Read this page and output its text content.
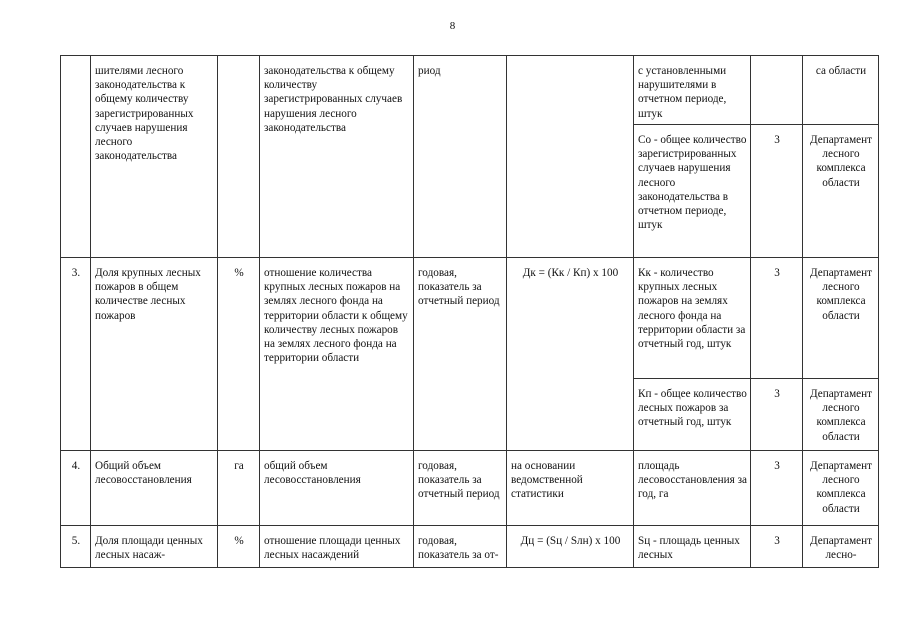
8
	шителями лесного законодательства к общему количеству зарегистрированных случаев нарушения лесного законодательства		законодательства к общему количеству зарегистрированных случаев нарушения лесного законодательства	риод		с установленными нарушителями в отчетном периоде, штук		са области
						Со - общее количество зарегистрированных случаев нарушения лесного законодательства в отчетном периоде, штук	3	Департамент лесного комплекса области
3.	Доля крупных лесных пожаров в общем количестве лесных пожаров	%	отношение количества крупных лесных пожаров на землях лесного фонда на территории области к общему количеству лесных пожаров на землях лесного фонда на территории области	годовая, показатель за отчетный период	Дк = (Кк / Кп) х 100	Кк - количество крупных лесных пожаров на землях лесного фонда на территории области за отчетный год, штук	3	Департамент лесного комплекса области
						Кп - общее количество лесных пожаров за отчетный год, штук	3	Департамент лесного комплекса области
4.	Общий объем лесовосстановления	га	общий объем лесовосстановления	годовая, показатель за отчетный период	на основании ведомственной статистики	площадь лесовосстановления за год, га	3	Департамент лесного комплекса области
5.	Доля площади ценных лесных насаж-	%	отношение площади ценных лесных насаждений	годовая, показатель за от-	Дц = (Sц / Sлн) х 100	Sц - площадь ценных лесных	3	Департамент лесно-
